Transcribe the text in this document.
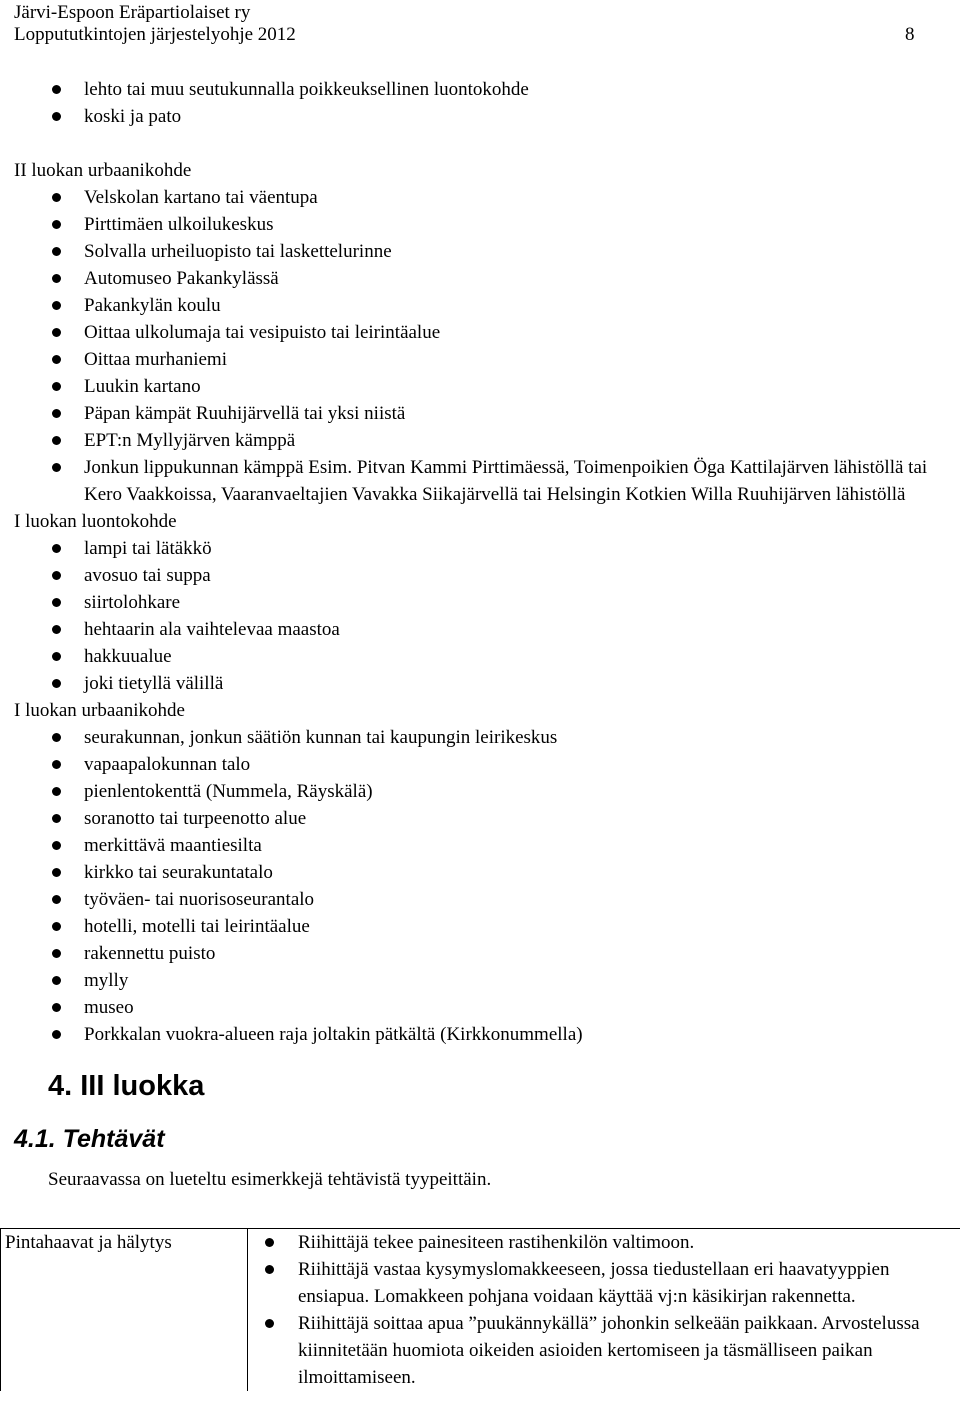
Järvi-Espoon Eräpartiolaiset ry
Loppututkintojen järjestelyohje 2012	8
lehto tai muu seutukunnalla poikkeuksellinen luontokohde
koski ja pato
II luokan urbaanikohde
Velskolan kartano tai väentupa
Pirttimäen ulkoilukeskus
Solvalla urheiluopisto tai laskettelurinne
Automuseo Pakankylässä
Pakankylän koulu
Oittaa ulkolumaja tai vesipuisto tai leirintäalue
Oittaa murhaniemi
Luukin kartano
Päpan kämpät Ruuhijärvellä tai yksi niistä
EPT:n Myllyjärven kämppä
Jonkun lippukunnan kämppä Esim. Pitvan Kammi Pirttimäessä, Toimenpoikien Öga Kattilajärven lähistöllä tai Kero Vaakkoissa, Vaaranvaeltajien Vavakka Siikajärvellä tai Helsingin Kotkien Willa Ruuhijärven lähistöllä
I luokan luontokohde
lampi tai lätäkkö
avosuo tai suppa
siirtolohkare
hehtaarin ala vaihtelevaa maastoa
hakkuualue
joki tietyllä välillä
I luokan urbaanikohde
seurakunnan, jonkun säätiön kunnan tai kaupungin leirikeskus
vapaapalokunnan talo
pienlentokenttä (Nummela, Räyskälä)
soranotto tai turpeenotto alue
merkittävä maantiesilta
kirkko tai seurakuntatalo
työväen- tai nuorisoseurantalo
hotelli, motelli tai leirintäalue
rakennettu puisto
mylly
museo
Porkkalan vuokra-alueen raja joltakin pätkältä (Kirkkonummella)
4. III luokka
4.1. Tehtävät
Seuraavassa on lueteltu esimerkkejä tehtävistä tyypeittäin.
Pintahaavat ja hälytys	Riihittäjä tekee painesiteen rastihenkilön valtimoon.
Riihittäjä vastaa kysymyslomakkeeseen, jossa tiedustellaan eri haavatyyppien ensiapua. Lomakkeen pohjana voidaan käyttää vj:n käsikirjan rakennetta.
Riihittäjä soittaa apua ”puukännykällä” johonkin selkeään paikkaan. Arvostelussa kiinnitetään huomiota oikeiden asioiden kertomiseen ja täsmälliseen paikan ilmoittamiseen.
